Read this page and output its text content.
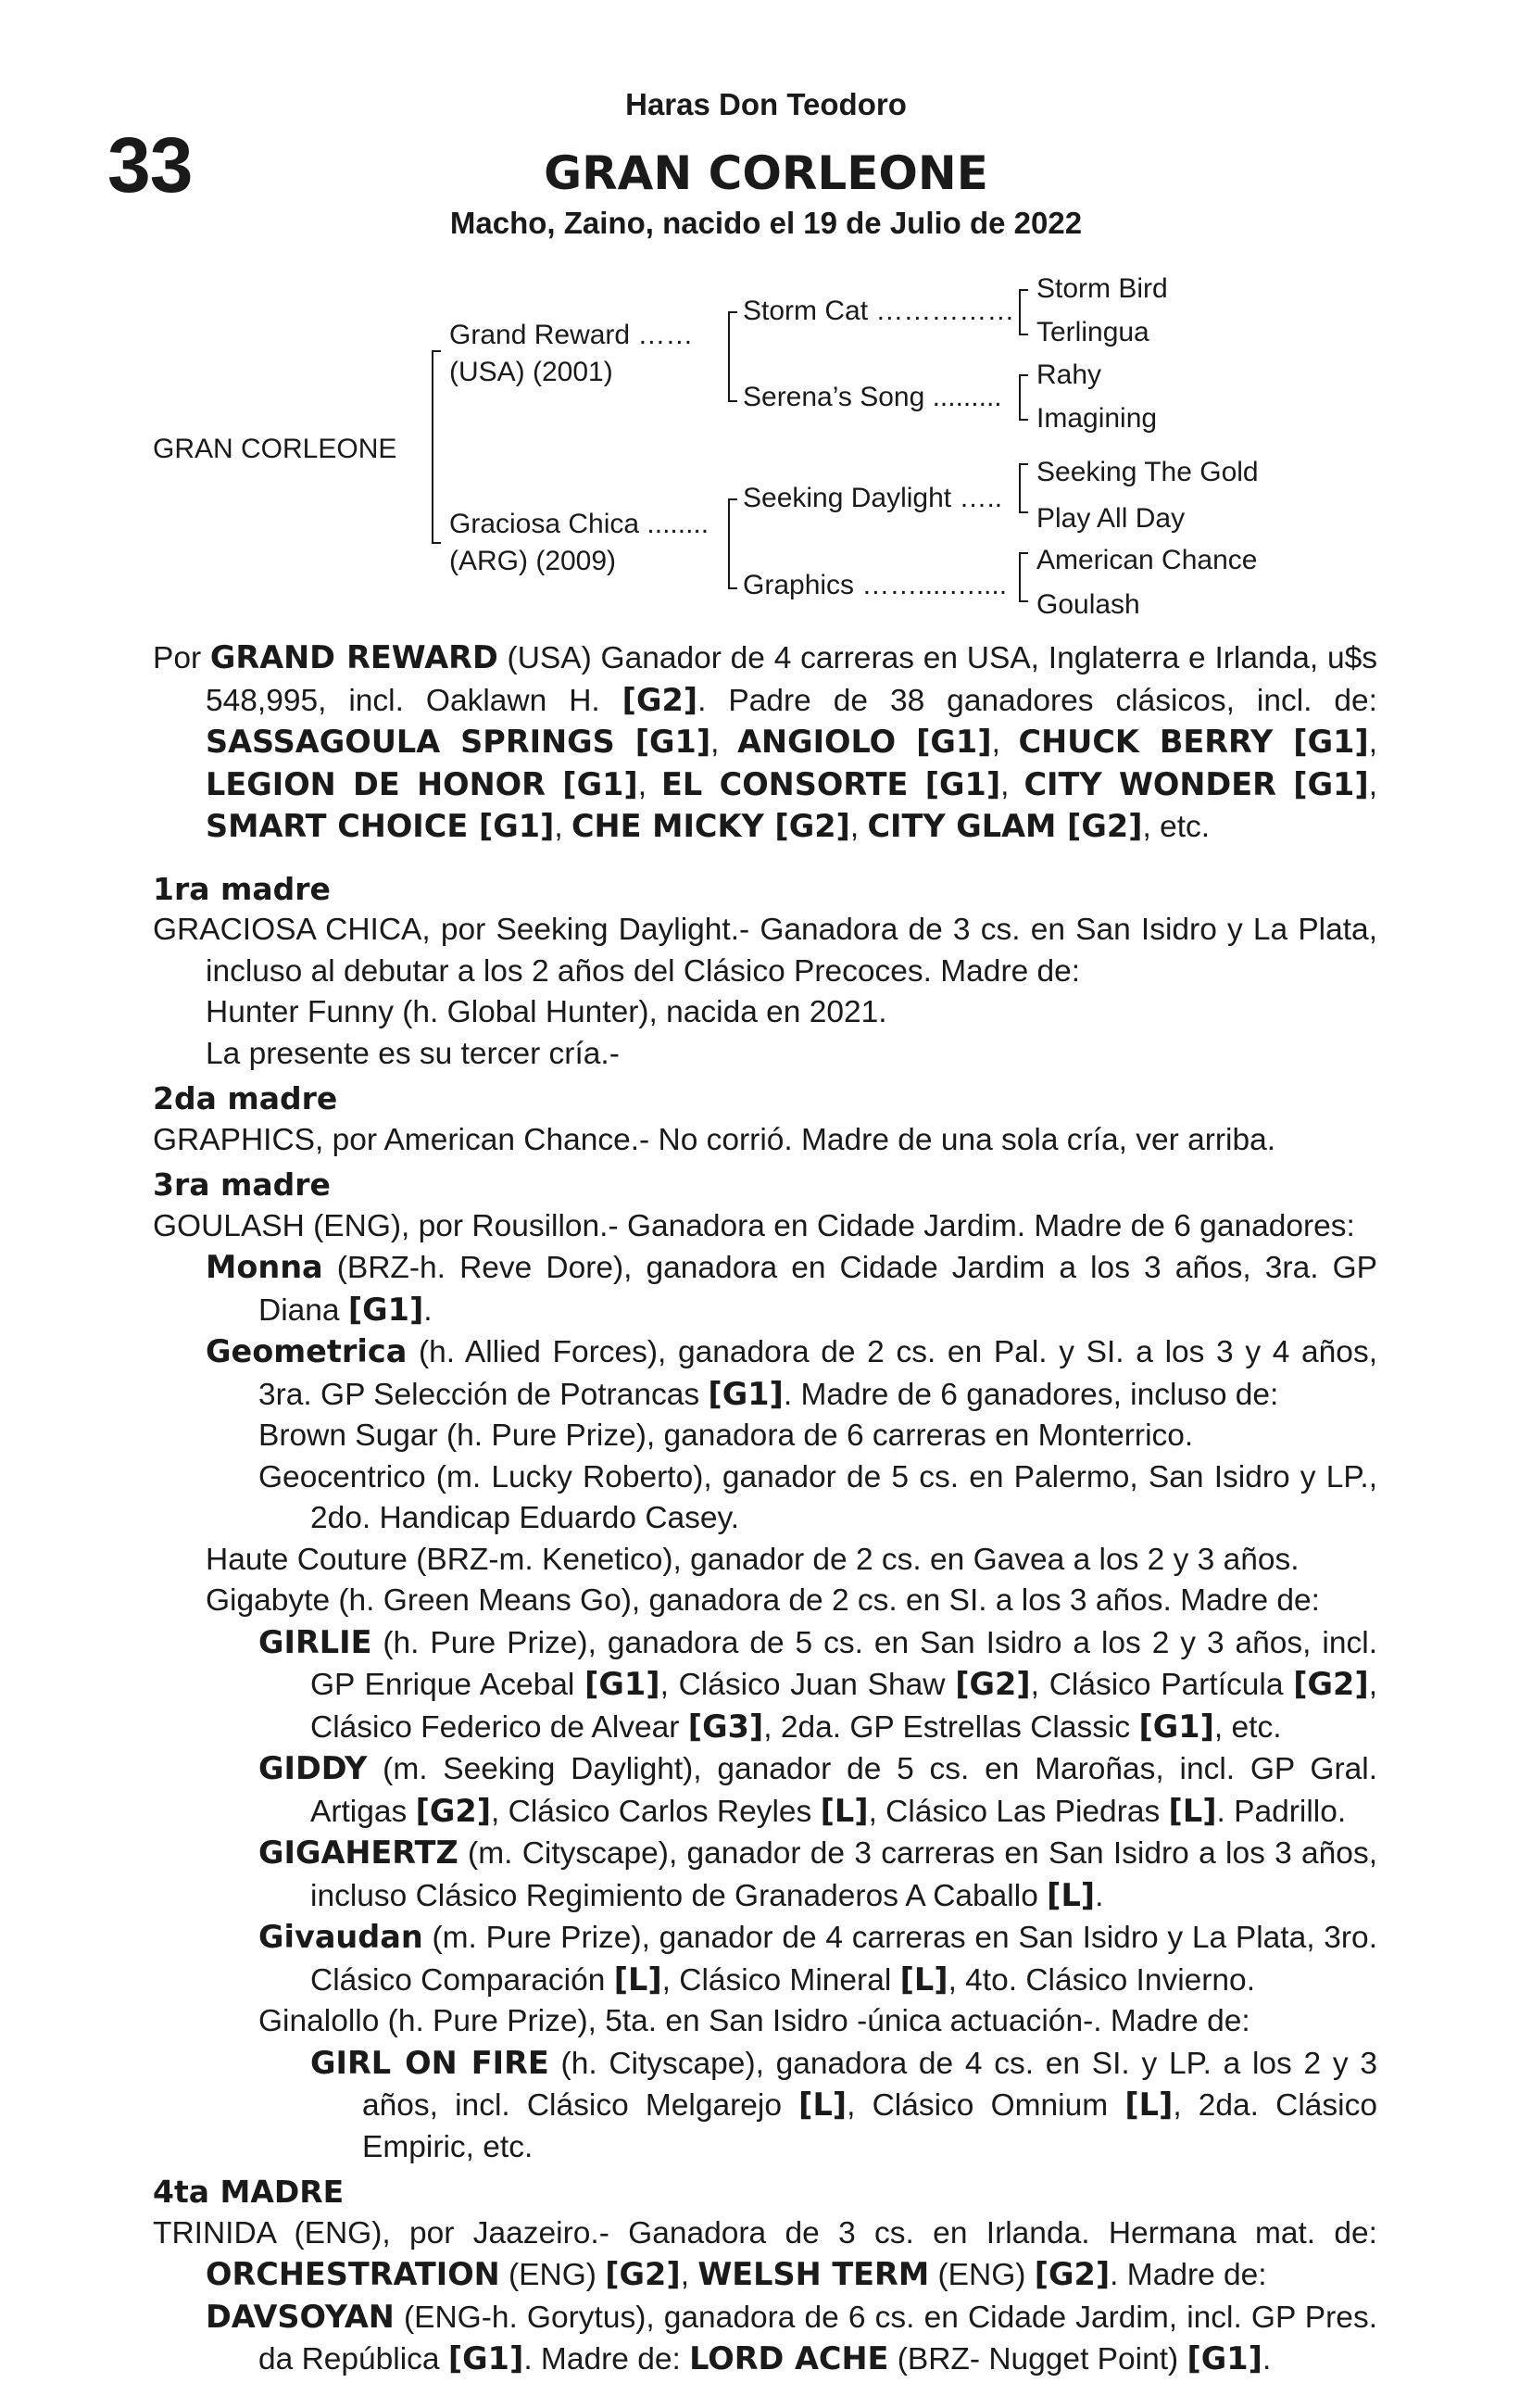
33
Haras Don Teodoro
GRAN CORLEONE
Macho, Zaino, nacido el 19 de Julio de 2022
GRAN CORLEONE
Grand Reward ……
(USA) (2001)
Graciosa Chica ........
(ARG) (2009)
Storm Cat ……………
Serena’s Song .........
Seeking Daylight …..
Graphics ……....…....
Storm Bird
Terlingua
Rahy
Imagining
Seeking The Gold
Play All Day
American Chance
Goulash
Por GRAND REWARD (USA) Ganador de 4 carreras en USA, Inglaterra e Irlanda, u$s 548,995, incl. Oaklawn H. [G2]. Padre de 38 ganadores clásicos, incl. de: SASSAGOULA SPRINGS [G1], ANGIOLO [G1], CHUCK BERRY [G1], LEGION DE HONOR [G1], EL CONSORTE [G1], CITY WONDER [G1], SMART CHOICE [G1], CHE MICKY [G2], CITY GLAM [G2], etc.
1ra madre
GRACIOSA CHICA, por Seeking Daylight.- Ganadora de 3 cs. en San Isidro y La Plata, incluso al debutar a los 2 años del Clásico Precoces. Madre de:
Hunter Funny (h. Global Hunter), nacida en 2021.
La presente es su tercer cría.-
2da madre
GRAPHICS, por American Chance.- No corrió. Madre de una sola cría, ver arriba.
3ra madre
GOULASH (ENG), por Rousillon.- Ganadora en Cidade Jardim. Madre de 6 ganadores:
Monna (BRZ-h. Reve Dore), ganadora en Cidade Jardim a los 3 años, 3ra. GP Diana [G1].
Geometrica (h. Allied Forces), ganadora de 2 cs. en Pal. y SI. a los 3 y 4 años, 3ra. GP Selección de Potrancas [G1]. Madre de 6 ganadores, incluso de:
Brown Sugar (h. Pure Prize), ganadora de 6 carreras en Monterrico.
Geocentrico (m. Lucky Roberto), ganador de 5 cs. en Palermo, San Isidro y LP., 2do. Handicap Eduardo Casey.
Haute Couture (BRZ-m. Kenetico), ganador de 2 cs. en Gavea a los 2 y 3 años.
Gigabyte (h. Green Means Go), ganadora de 2 cs. en SI. a los 3 años. Madre de:
GIRLIE (h. Pure Prize), ganadora de 5 cs. en San Isidro a los 2 y 3 años, incl. GP Enrique Acebal [G1], Clásico Juan Shaw [G2], Clásico Partícula [G2], Clásico Federico de Alvear [G3], 2da. GP Estrellas Classic [G1], etc.
GIDDY (m. Seeking Daylight), ganador de 5 cs. en Maroñas, incl. GP Gral. Artigas [G2], Clásico Carlos Reyles [L], Clásico Las Piedras [L]. Padrillo.
GIGAHERTZ (m. Cityscape), ganador de 3 carreras en San Isidro a los 3 años, incluso Clásico Regimiento de Granaderos A Caballo [L].
Givaudan (m. Pure Prize), ganador de 4 carreras en San Isidro y La Plata, 3ro. Clásico Comparación [L], Clásico Mineral [L], 4to. Clásico Invierno.
Ginalollo (h. Pure Prize), 5ta. en San Isidro -única actuación-. Madre de:
GIRL ON FIRE (h. Cityscape), ganadora de 4 cs. en SI. y LP. a los 2 y 3 años, incl. Clásico Melgarejo [L], Clásico Omnium [L], 2da. Clásico Empiric, etc.
4ta MADRE
TRINIDA (ENG), por Jaazeiro.- Ganadora de 3 cs. en Irlanda. Hermana mat. de: ORCHESTRATION (ENG) [G2], WELSH TERM (ENG) [G2]. Madre de:
DAVSOYAN (ENG-h. Gorytus), ganadora de 6 cs. en Cidade Jardim, incl. GP Pres. da República [G1]. Madre de: LORD ACHE (BRZ- Nugget Point) [G1].
